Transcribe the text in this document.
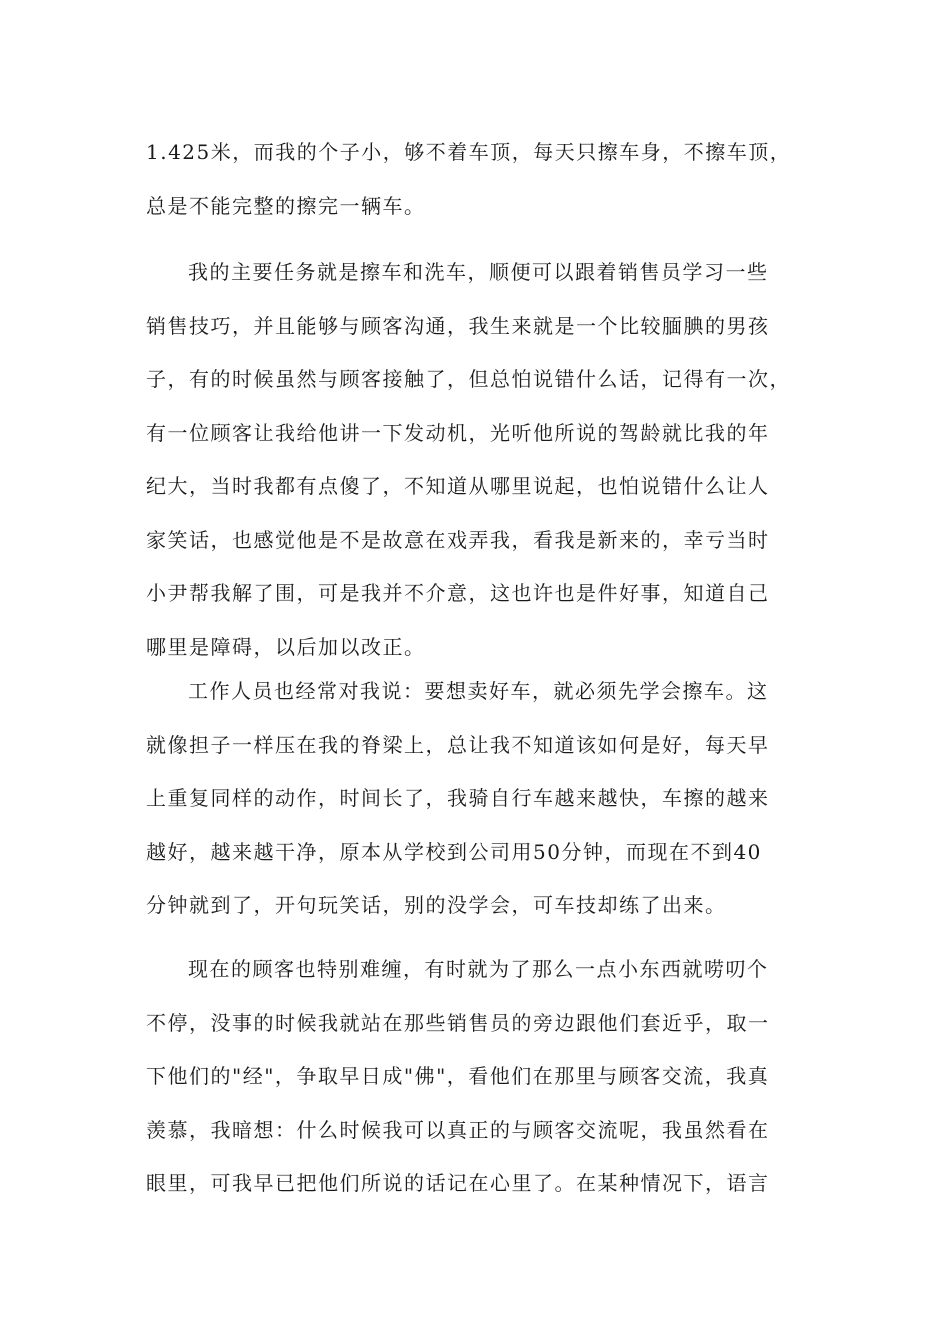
1.425米，而我的个子小，够不着车顶，每天只擦车身，不擦车顶，
总是不能完整的擦完一辆车。
我的主要任务就是擦车和洗车，顺便可以跟着销售员学习一些
销售技巧，并且能够与顾客沟通，我生来就是一个比较腼腆的男孩
子，有的时候虽然与顾客接触了，但总怕说错什么话，记得有一次，
有一位顾客让我给他讲一下发动机，光听他所说的驾龄就比我的年
纪大，当时我都有点傻了，不知道从哪里说起，也怕说错什么让人
家笑话，也感觉他是不是故意在戏弄我，看我是新来的，幸亏当时
小尹帮我解了围，可是我并不介意，这也许也是件好事，知道自己
哪里是障碍，以后加以改正。
工作人员也经常对我说：要想卖好车，就必须先学会擦车。这
就像担子一样压在我的脊梁上，总让我不知道该如何是好，每天早
上重复同样的动作，时间长了，我骑自行车越来越快，车擦的越来
越好，越来越干净，原本从学校到公司用50分钟，而现在不到40
分钟就到了，开句玩笑话，别的没学会，可车技却练了出来。
现在的顾客也特别难缠，有时就为了那么一点小东西就唠叨个
不停，没事的时候我就站在那些销售员的旁边跟他们套近乎，取一
下他们的"经"，争取早日成"佛"，看他们在那里与顾客交流，我真
羡慕，我暗想：什么时候我可以真正的与顾客交流呢，我虽然看在
眼里，可我早已把他们所说的话记在心里了。在某种情况下，语言
